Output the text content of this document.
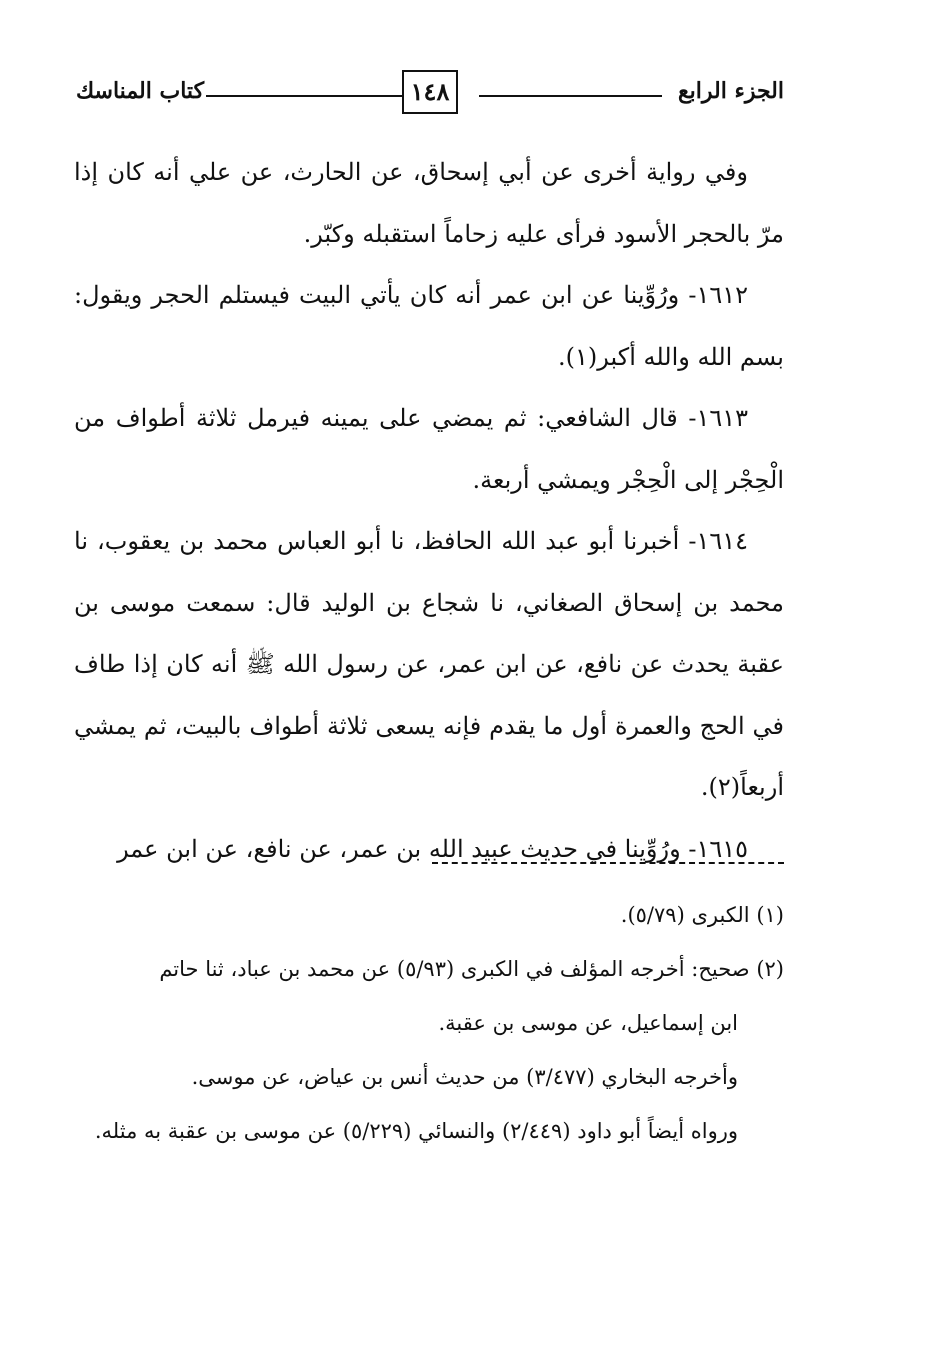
الجزء الرابع
١٤٨
كتاب المناسك

وفي رواية أخرى عن أبي إسحاق، عن الحارث، عن علي أنه كان إذا مرّ بالحجر الأسود فرأى عليه زحاماً استقبله وكبّر.

١٦١٢- ورُوِّينا عن ابن عمر أنه كان يأتي البيت فيستلم الحجر ويقول: بسم الله والله أكبر(١).

١٦١٣- قال الشافعي: ثم يمضي على يمينه فيرمل ثلاثة أطواف من الْحِجْر إلى الْحِجْر ويمشي أربعة.

١٦١٤- أخبرنا أبو عبد الله الحافظ، نا أبو العباس محمد بن يعقوب، نا محمد بن إسحاق الصغاني، نا شجاع بن الوليد قال: سمعت موسى بن عقبة يحدث عن نافع، عن ابن عمر، عن رسول الله ﷺ أنه كان إذا طاف في الحج والعمرة أول ما يقدم فإنه يسعى ثلاثة أطواف بالبيت، ثم يمشي أربعاً(٢).

١٦١٥- ورُوِّينا في حديث عبيد الله بن عمر، عن نافع، عن ابن عمر

(١) الكبرى (٥/٧٩).

(٢) صحيح: أخرجه المؤلف في الكبرى (٥/٩٣) عن محمد بن عباد، ثنا حاتم

ابن إسماعيل، عن موسى بن عقبة.

وأخرجه البخاري (٣/٤٧٧) من حديث أنس بن عياض، عن موسى.

ورواه أيضاً أبو داود (٢/٤٤٩) والنسائي (٥/٢٢٩) عن موسى بن عقبة به مثله.
